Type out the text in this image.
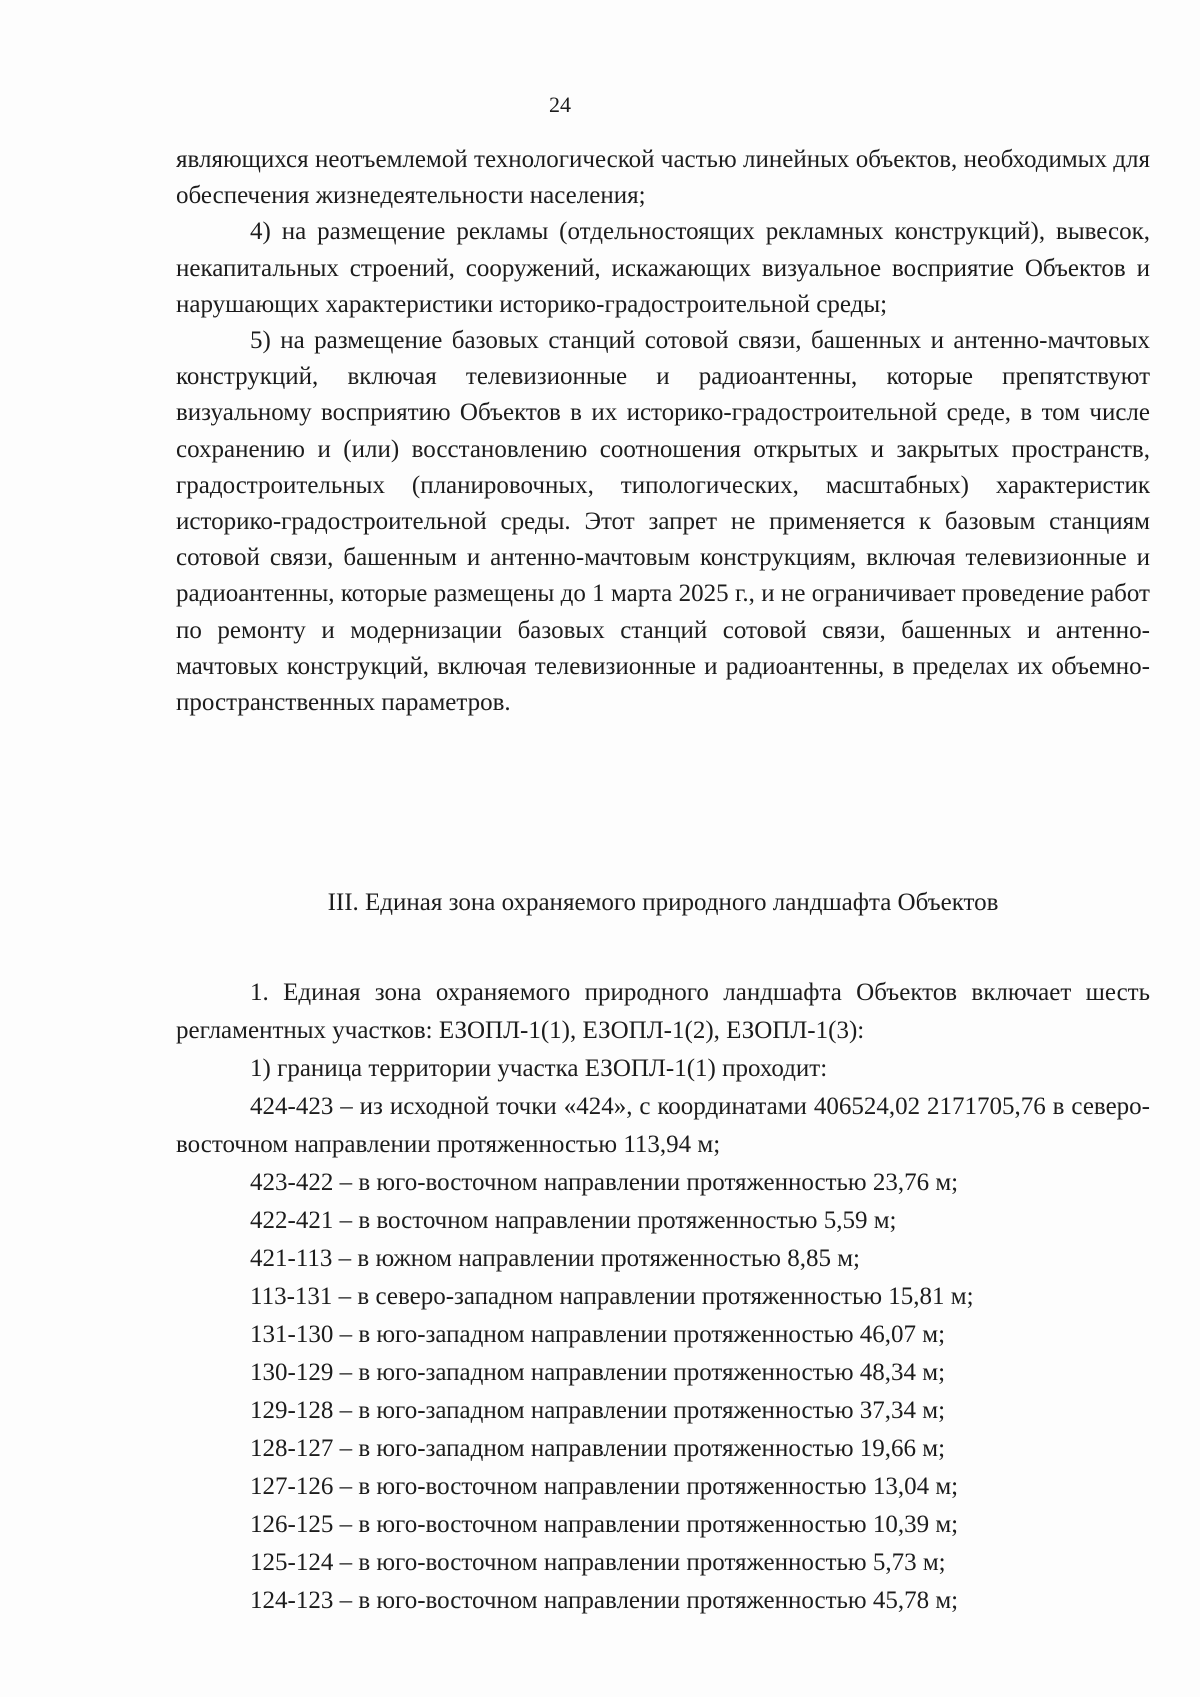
24

являющихся неотъемлемой технологической частью линейных объектов, необходимых для обеспечения жизнедеятельности населения;

4) на размещение рекламы (отдельностоящих рекламных конструкций), вывесок, некапитальных строений, сооружений, искажающих визуальное восприятие Объектов и нарушающих характеристики историко-градостроительной среды;

5) на размещение базовых станций сотовой связи, башенных и антенно-мачтовых конструкций, включая телевизионные и радиоантенны, которые препятствуют визуальному восприятию Объектов в их историко-градостроительной среде, в том числе сохранению и (или) восстановлению соотношения открытых и закрытых пространств, градостроительных (планировочных, типологических, масштабных) характеристик историко-градостроительной среды. Этот запрет не применяется к базовым станциям сотовой связи, башенным и антенно-мачтовым конструкциям, включая телевизионные и радиоантенны, которые размещены до 1 марта 2025 г., и не ограничивает проведение работ по ремонту и модернизации базовых станций сотовой связи, башенных и антенно-мачтовых конструкций, включая телевизионные и радиоантенны, в пределах их объемно-пространственных параметров.

III. Единая зона охраняемого природного ландшафта Объектов

1. Единая зона охраняемого природного ландшафта Объектов включает шесть регламентных участков: ЕЗОПЛ-1(1), ЕЗОПЛ-1(2), ЕЗОПЛ-1(3):

1) граница территории участка ЕЗОПЛ-1(1) проходит:

424-423 – из исходной точки «424», с координатами 406524,02 2171705,76 в северо-восточном направлении протяженностью 113,94 м;

423-422 – в юго-восточном направлении протяженностью 23,76 м;
422-421 – в восточном направлении протяженностью 5,59 м;
421-113 – в южном направлении протяженностью 8,85 м;
113-131 – в северо-западном направлении протяженностью 15,81 м;
131-130 – в юго-западном направлении протяженностью 46,07 м;
130-129 – в юго-западном направлении протяженностью 48,34 м;
129-128 – в юго-западном направлении протяженностью 37,34 м;
128-127 – в юго-западном направлении протяженностью 19,66 м;
127-126 – в юго-восточном направлении протяженностью 13,04 м;
126-125 – в юго-восточном направлении протяженностью 10,39 м;
125-124 – в юго-восточном направлении протяженностью 5,73 м;
124-123 – в юго-восточном направлении протяженностью 45,78 м;
